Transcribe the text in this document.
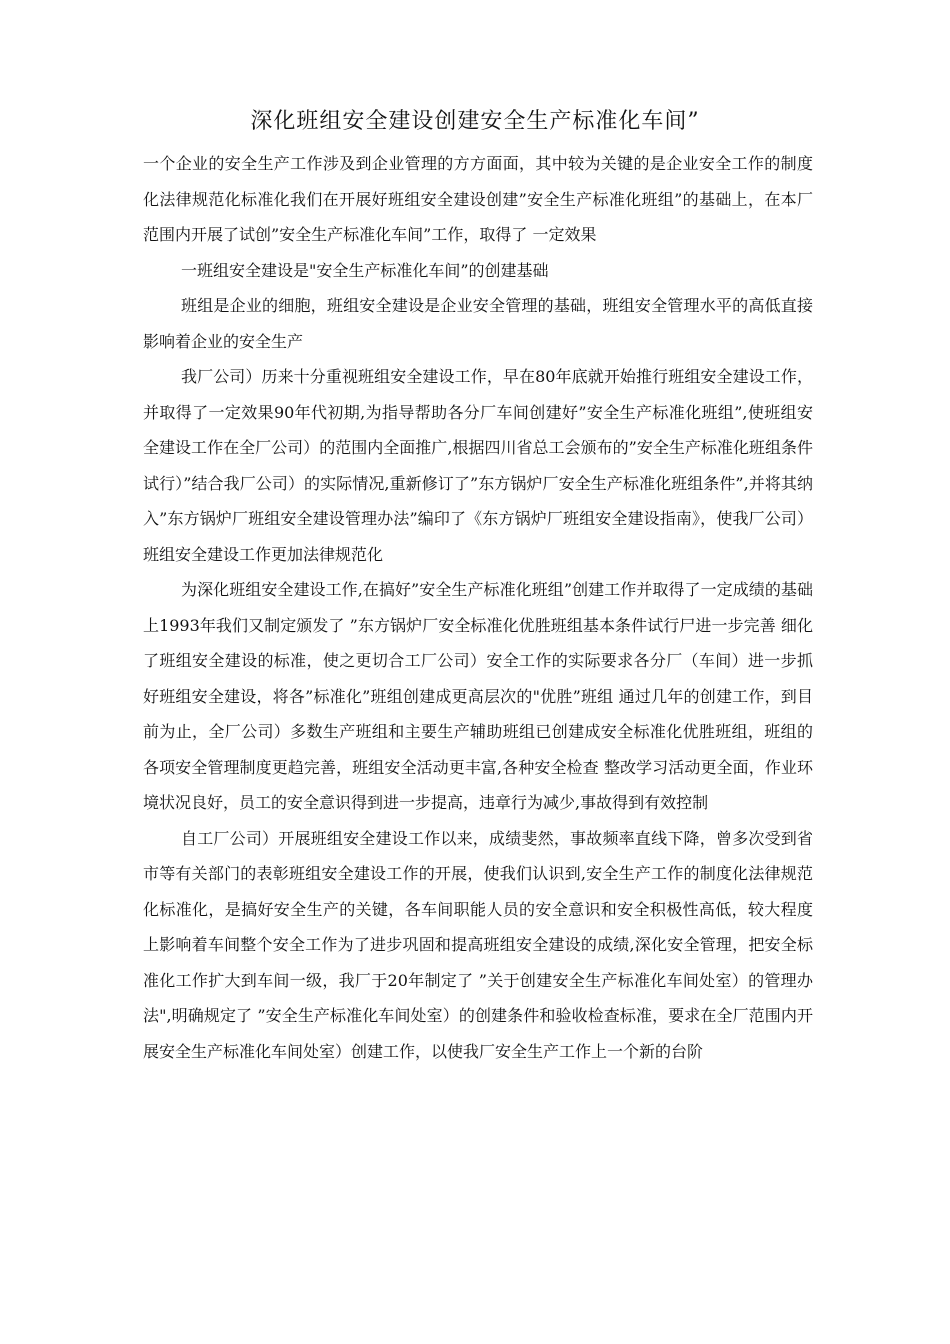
深化班组安全建设创建安全生产标准化车间”

一个企业的安全生产工作涉及到企业管理的方方面面，其中较为关键的是企业安全工作的制度化法律规范化标准化我们在开展好班组安全建设创建”安全生产标准化班组”的基础上，在本厂范围内开展了试创”安全生产标准化车间”工作，取得了 一定效果

一班组安全建设是"安全生产标准化车间”的创建基础

班组是企业的细胞，班组安全建设是企业安全管理的基础，班组安全管理水平的高低直接影响着企业的安全生产

我厂公司）历来十分重视班组安全建设工作，早在80年底就开始推行班组安全建设工作，并取得了一定效果90年代初期,为指导帮助各分厂车间创建好”安全生产标准化班组”,使班组安全建设工作在全厂公司）的范围内全面推广,根据四川省总工会颁布的”安全生产标准化班组条件试行）”结合我厂公司）的实际情况,重新修订了”东方锅炉厂安全生产标准化班组条件”,并将其纳入”东方锅炉厂班组安全建设管理办法”编印了《东方锅炉厂班组安全建设指南》，使我厂公司）班组安全建设工作更加法律规范化

为深化班组安全建设工作,在搞好”安全生产标准化班组”创建工作并取得了一定成绩的基础上1993年我们又制定颁发了 ”东方锅炉厂安全标准化优胜班组基本条件试行尸进一步完善 细化了班组安全建设的标准，使之更切合工厂公司）安全工作的实际要求各分厂（车间）进一步抓好班组安全建设，将各”标准化”班组创建成更高层次的"优胜”班组 通过几年的创建工作，到目前为止，全厂公司）多数生产班组和主要生产辅助班组已创建成安全标准化优胜班组，班组的各项安全管理制度更趋完善，班组安全活动更丰富,各种安全检查 整改学习活动更全面，作业环境状况良好，员工的安全意识得到进一步提高，违章行为减少,事故得到有效控制

自工厂公司）开展班组安全建设工作以来，成绩斐然，事故频率直线下降，曾多次受到省市等有关部门的表彰班组安全建设工作的开展，使我们认识到,安全生产工作的制度化法律规范化标准化，是搞好安全生产的关键，各车间职能人员的安全意识和安全积极性高低，较大程度上影响着车间整个安全工作为了进步巩固和提高班组安全建设的成绩,深化安全管理，把安全标准化工作扩大到车间一级，我厂于20年制定了 ”关于创建安全生产标准化车间处室）的管理办法",明确规定了 ”安全生产标准化车间处室）的创建条件和验收检查标准，要求在全厂范围内开展安全生产标准化车间处室）创建工作，以使我厂安全生产工作上一个新的台阶
